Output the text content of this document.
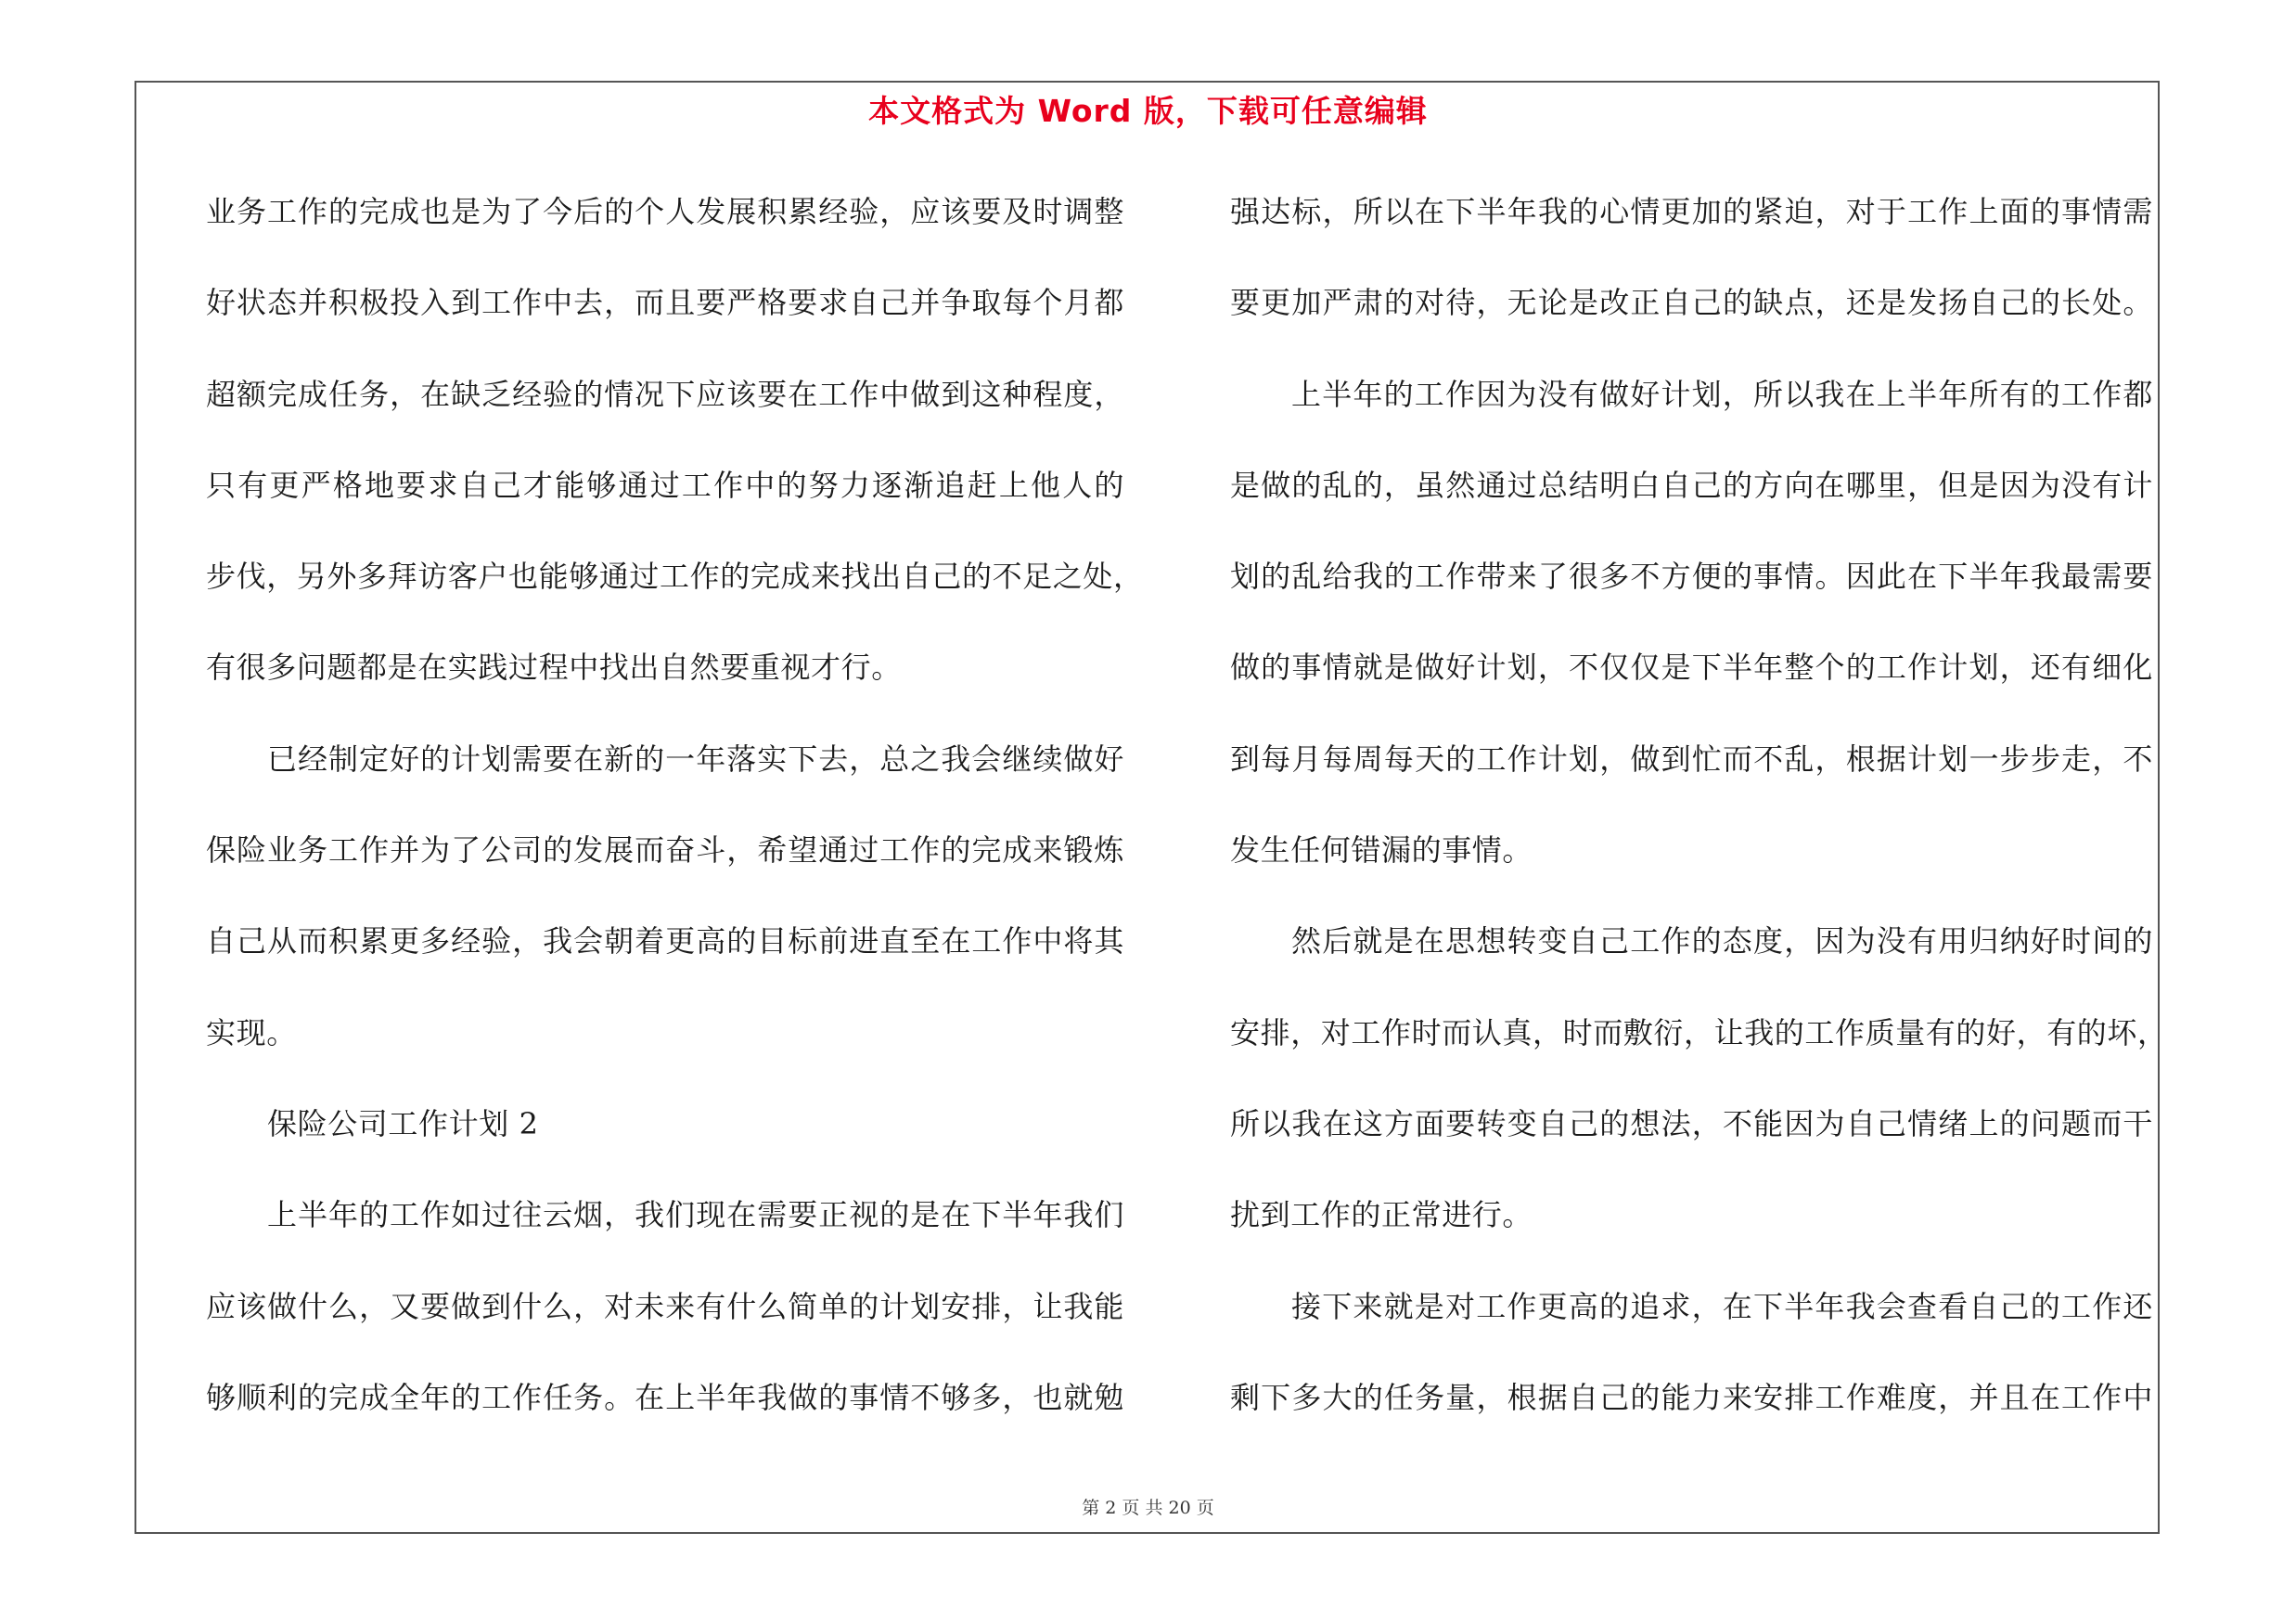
本文格式为 Word 版，下载可任意编辑
业务工作的完成也是为了今后的个人发展积累经验，应该要及时调整
好状态并积极投入到工作中去，而且要严格要求自己并争取每个月都
超额完成任务，在缺乏经验的情况下应该要在工作中做到这种程度，
只有更严格地要求自己才能够通过工作中的努力逐渐追赶上他人的
步伐，另外多拜访客户也能够通过工作的完成来找出自己的不足之处，
有很多问题都是在实践过程中找出自然要重视才行。
已经制定好的计划需要在新的一年落实下去，总之我会继续做好
保险业务工作并为了公司的发展而奋斗，希望通过工作的完成来锻炼
自己从而积累更多经验，我会朝着更高的目标前进直至在工作中将其
实现。
保险公司工作计划 2
上半年的工作如过往云烟，我们现在需要正视的是在下半年我们
应该做什么，又要做到什么，对未来有什么简单的计划安排，让我能
够顺利的完成全年的工作任务。在上半年我做的事情不够多，也就勉
强达标，所以在下半年我的心情更加的紧迫，对于工作上面的事情需
要更加严肃的对待，无论是改正自己的缺点，还是发扬自己的长处。
上半年的工作因为没有做好计划，所以我在上半年所有的工作都
是做的乱的，虽然通过总结明白自己的方向在哪里，但是因为没有计
划的乱给我的工作带来了很多不方便的事情。因此在下半年我最需要
做的事情就是做好计划，不仅仅是下半年整个的工作计划，还有细化
到每月每周每天的工作计划，做到忙而不乱，根据计划一步步走，不
发生任何错漏的事情。
然后就是在思想转变自己工作的态度，因为没有用归纳好时间的
安排，对工作时而认真，时而敷衍，让我的工作质量有的好，有的坏，
所以我在这方面要转变自己的想法，不能因为自己情绪上的问题而干
扰到工作的正常进行。
接下来就是对工作更高的追求，在下半年我会查看自己的工作还
剩下多大的任务量，根据自己的能力来安排工作难度，并且在工作中
第 2 页 共 20 页
